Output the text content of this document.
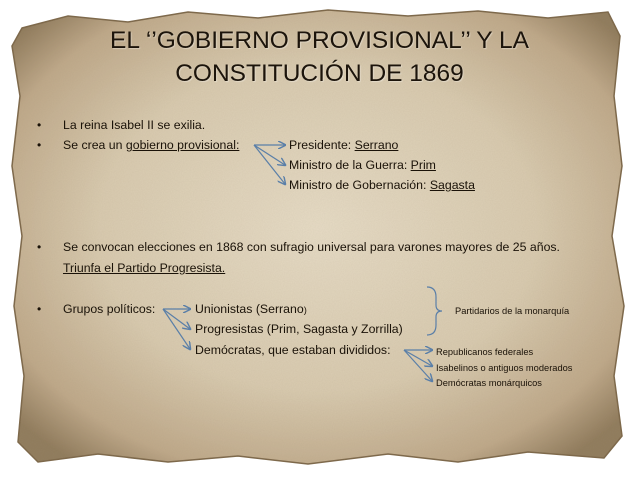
EL ‘’GOBIERNO PROVISIONAL’’ Y LA
CONSTITUCIÓN DE 1869
• La reina Isabel II se exilia.
• Se crea un gobierno provisional:	Presidente: Serrano
Ministro de la Guerra: Prim
Ministro de Gobernación: Sagasta
• Se convocan elecciones en 1868 con sufragio universal para varones mayores de 25 años.
Triunfa el Partido Progresista.
• Grupos políticos:	Unionistas (Serrano)
Progresistas (Prim, Sagasta y Zorrilla)
Demócratas, que estaban divididos:
Partidarios de la monarquía
Republicanos federales
Isabelinos o antiguos moderados
Demócratas monárquicos
